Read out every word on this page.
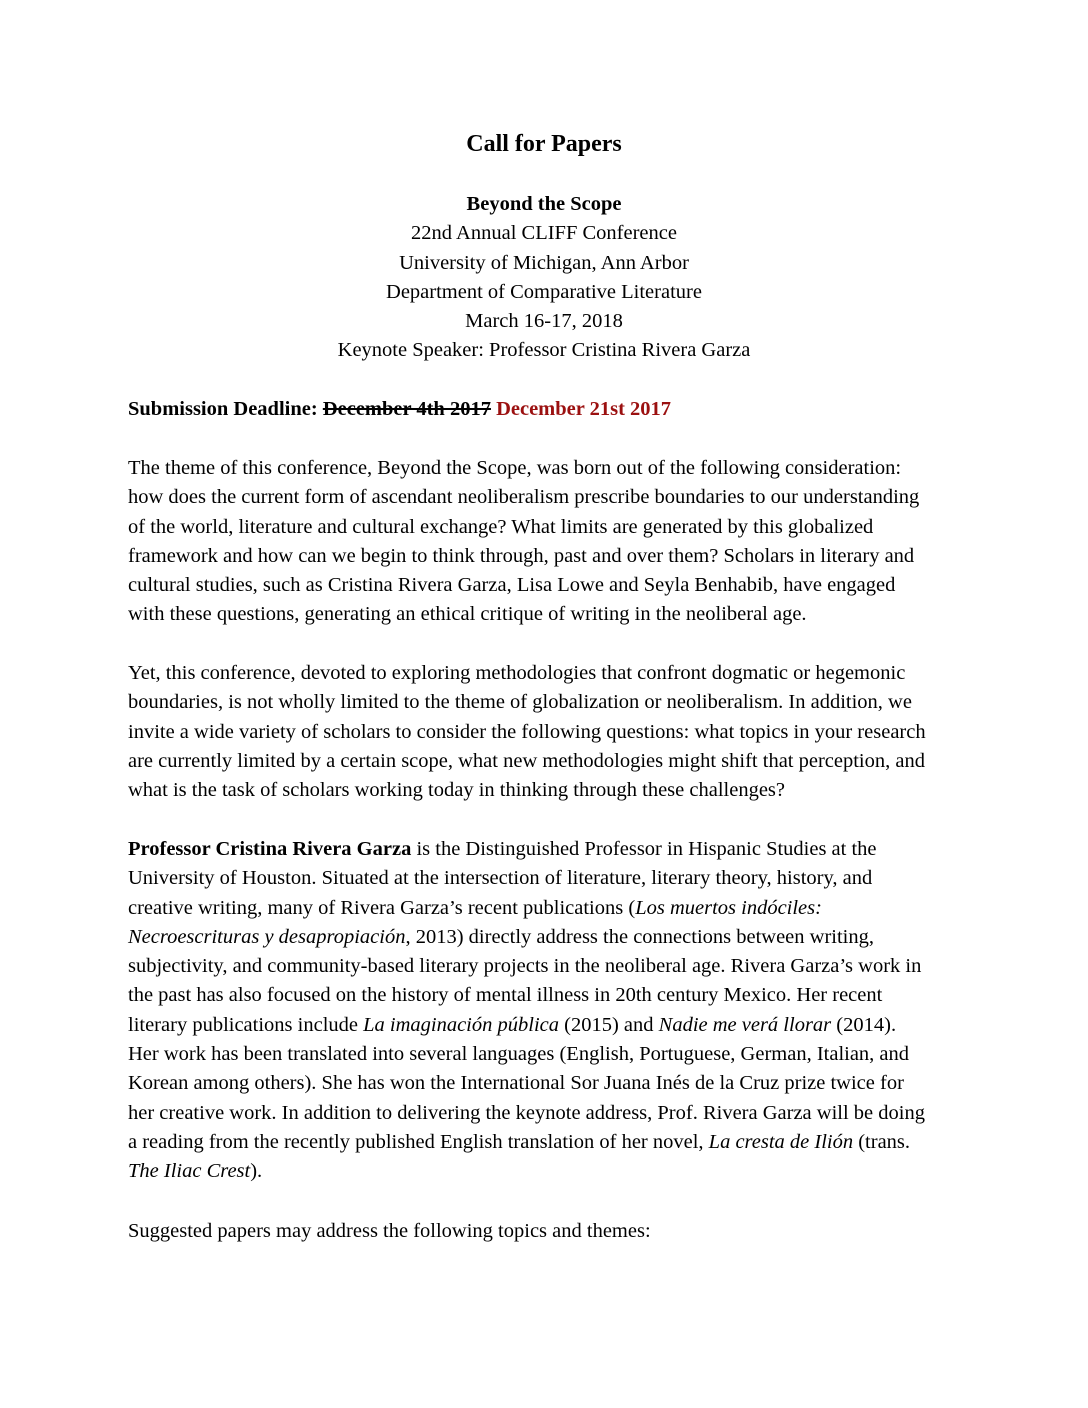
Call for Papers
Beyond the Scope
22nd Annual CLIFF Conference
University of Michigan, Ann Arbor
Department of Comparative Literature
March 16-17, 2018
Keynote Speaker: Professor Cristina Rivera Garza
Submission Deadline: December 4th 2017 December 21st 2017
The theme of this conference, Beyond the Scope, was born out of the following consideration:
how does the current form of ascendant neoliberalism prescribe boundaries to our understanding
of the world, literature and cultural exchange? What limits are generated by this globalized
framework and how can we begin to think through, past and over them? Scholars in literary and
cultural studies, such as Cristina Rivera Garza, Lisa Lowe and Seyla Benhabib, have engaged
with these questions, generating an ethical critique of writing in the neoliberal age.
Yet, this conference, devoted to exploring methodologies that confront dogmatic or hegemonic
boundaries, is not wholly limited to the theme of globalization or neoliberalism. In addition, we
invite a wide variety of scholars to consider the following questions: what topics in your research
are currently limited by a certain scope, what new methodologies might shift that perception, and
what is the task of scholars working today in thinking through these challenges?
Professor Cristina Rivera Garza is the Distinguished Professor in Hispanic Studies at the
University of Houston. Situated at the intersection of literature, literary theory, history, and
creative writing, many of Rivera Garza’s recent publications (Los muertos indóciles:
Necroescrituras y desapropiación, 2013) directly address the connections between writing,
subjectivity, and community-based literary projects in the neoliberal age. Rivera Garza’s work in
the past has also focused on the history of mental illness in 20th century Mexico. Her recent
literary publications include La imaginación pública (2015) and Nadie me verá llorar (2014).
Her work has been translated into several languages (English, Portuguese, German, Italian, and
Korean among others). She has won the International Sor Juana Inés de la Cruz prize twice for
her creative work. In addition to delivering the keynote address, Prof. Rivera Garza will be doing
a reading from the recently published English translation of her novel, La cresta de Ilión (trans.
The Iliac Crest).
Suggested papers may address the following topics and themes:
